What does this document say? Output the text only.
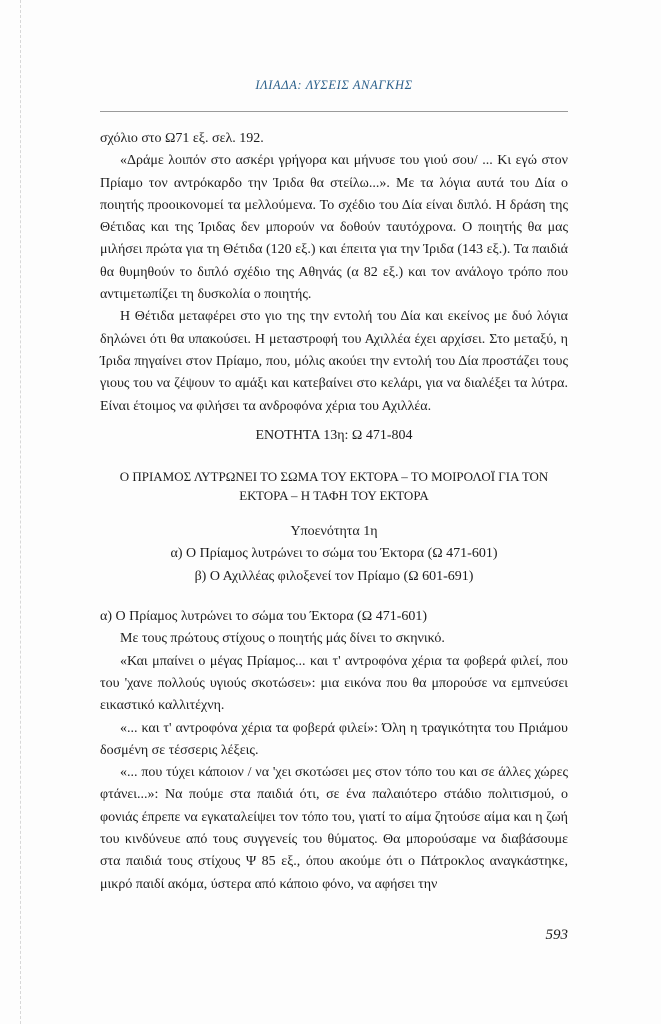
ΙΛΙΑΔΑ: ΛΥΣΕΙΣ ΑΝΑΓΚΗΣ

σχόλιο στο Ω71 εξ. σελ. 192.

«Δράμε λοιπόν στο ασκέρι γρήγορα και μήνυσε του γιού σου/ ... Κι εγώ στον Πρίαμο τον αντρόκαρδο την Ίριδα θα στείλω...». Με τα λόγια αυτά του Δία ο ποιητής προοικονομεί τα μελλούμενα. Το σχέδιο του Δία είναι διπλό. Η δράση της Θέτιδας και της Ίριδας δεν μπορούν να δοθούν ταυτόχρονα. Ο ποιητής θα μας μιλήσει πρώτα για τη Θέτιδα (120 εξ.) και έπειτα για την Ίριδα (143 εξ.). Τα παιδιά θα θυμηθούν το διπλό σχέδιο της Αθηνάς (α 82 εξ.) και τον ανάλογο τρόπο που αντιμετωπίζει τη δυσκολία ο ποιητής.

Η Θέτιδα μεταφέρει στο γιο της την εντολή του Δία και εκείνος με δυό λόγια δηλώνει ότι θα υπακούσει. Η μεταστροφή του Αχιλλέα έχει αρχίσει. Στο μεταξύ, η Ίριδα πηγαίνει στον Πρίαμο, που, μόλις ακούει την εντολή του Δία προστάζει τους γιους του να ζέψουν το αμάξι και κατεβαίνει στο κελάρι, για να διαλέξει τα λύτρα. Είναι έτοιμος να φιλήσει τα ανδροφόνα χέρια του Αχιλλέα.

ΕΝΟΤΗΤΑ 13η: Ω 471-804

Ο ΠΡΙΑΜΟΣ ΛΥΤΡΩΝΕΙ ΤΟ ΣΩΜΑ ΤΟΥ ΕΚΤΟΡΑ – ΤΟ ΜΟΙΡΟΛΟΪ ΓΙΑ ΤΟΝ
ΕΚΤΟΡΑ – Η ΤΑΦΗ ΤΟΥ ΕΚΤΟΡΑ

Υποενότητα 1η

α) Ο Πρίαμος λυτρώνει το σώμα του Έκτορα (Ω 471-601)

β) Ο Αχιλλέας φιλοξενεί τον Πρίαμο (Ω 601-691)

α) Ο Πρίαμος λυτρώνει το σώμα του Έκτορα (Ω 471-601)

Με τους πρώτους στίχους ο ποιητής μάς δίνει το σκηνικό.

«Και μπαίνει ο μέγας Πρίαμος... και τ' αντροφόνα χέρια τα φοβερά φιλεί, που του 'χανε πολλούς υγιούς σκοτώσει»: μια εικόνα που θα μπορούσε να εμπνεύσει εικαστικό καλλιτέχνη.

«... και τ' αντροφόνα χέρια τα φοβερά φιλεί»: Όλη η τραγικότητα του Πριάμου δοσμένη σε τέσσερις λέξεις.

«... που τύχει κάποιον / να 'χει σκοτώσει μες στον τόπο του και σε άλλες χώρες φτάνει...»: Να πούμε στα παιδιά ότι, σε ένα παλαιότερο στάδιο πολιτισμού, ο φονιάς έπρεπε να εγκαταλείψει τον τόπο του, γιατί το αίμα ζητούσε αίμα και η ζωή του κινδύνευε από τους συγγενείς του θύματος. Θα μπορούσαμε να διαβάσουμε στα παιδιά τους στίχους Ψ 85 εξ., όπου ακούμε ότι ο Πάτροκλος αναγκάστηκε, μικρό παιδί ακόμα, ύστερα από κάποιο φόνο, να αφήσει την

593
